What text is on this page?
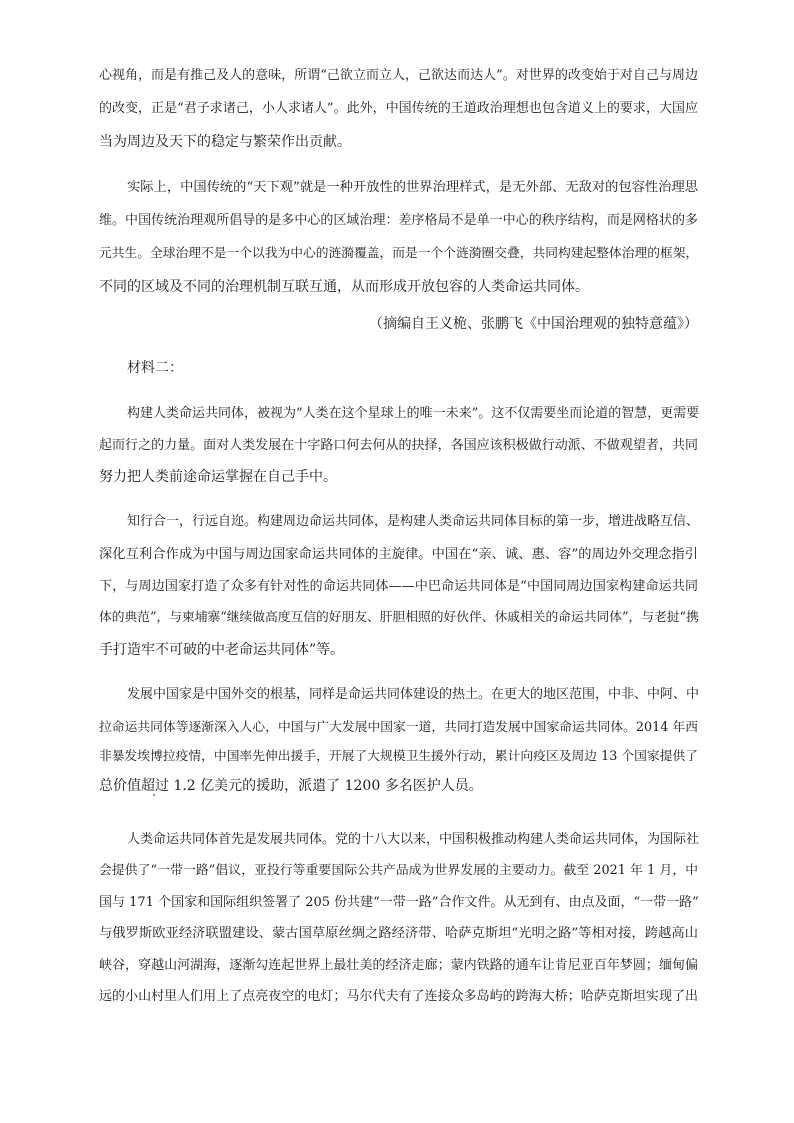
心视角，而是有推己及人的意味，所谓“己欲立而立人，己欲达而达人”。对世界的改变始于对自己与周边
的改变，正是“君子求诸己，小人求诸人”。此外，中国传统的王道政治理想也包含道义上的要求，大国应
当为周边及天下的稳定与繁荣作出贡献。
实际上，中国传统的“天下观”就是一种开放性的世界治理样式，是无外部、无敌对的包容性治理思
维。中国传统治理观所倡导的是多中心的区域治理：差序格局不是单一中心的秩序结构，而是网格状的多
元共生。全球治理不是一个以我为中心的涟漪覆盖，而是一个个涟漪圈交叠，共同构建起整体治理的框架，
不同的区域及不同的治理机制互联互通，从而形成开放包容的人类命运共同体。
（摘编自王义桅、张鹏飞《中国治理观的独特意蕴》）
材料二：
构建人类命运共同体，被视为“人类在这个星球上的唯一未来”。这不仅需要坐而论道的智慧，更需要
起而行之的力量。面对人类发展在十字路口何去何从的抉择，各国应该积极做行动派、不做观望者，共同
努力把人类前途命运掌握在自己手中。
知行合一，行远自迩。构建周边命运共同体，是构建人类命运共同体目标的第一步，增进战略互信、
深化互利合作成为中国与周边国家命运共同体的主旋律。中国在“亲、诚、惠、容”的周边外交理念指引
下，与周边国家打造了众多有针对性的命运共同体——中巴命运共同体是“中国同周边国家构建命运共同
体的典范”，与柬埔寨“继续做高度互信的好朋友、肝胆相照的好伙伴、休戚相关的命运共同体”，与老挝“携
手打造牢不可破的中老命运共同体”等。
发展中国家是中国外交的根基，同样是命运共同体建设的热土。在更大的地区范围，中非、中阿、中
拉命运共同体等逐渐深入人心，中国与广大发展中国家一道，共同打造发展中国家命运共同体。2014 年西
非暴发埃博拉疫情，中国率先伸出援手，开展了大规模卫生援外行动，累计向疫区及周边 13 个国家提供了
总价值超过 1.2 亿美元的援助，派遣了 1200 多名医护人员。
人类命运共同体首先是发展共同体。党的十八大以来，中国积极推动构建人类命运共同体，为国际社
会提供了“一带一路”倡议，亚投行等重要国际公共产品成为世界发展的主要动力。截至 2021 年 1 月，中
国与 171 个国家和国际组织签署了 205 份共建“一带一路”合作文件。从无到有、由点及面，“一带一路”
与俄罗斯欧亚经济联盟建设、蒙古国草原丝绸之路经济带、哈萨克斯坦“光明之路”等相对接，跨越高山
峡谷，穿越山河湖海，逐渐勾连起世界上最壮美的经济走廊；蒙内铁路的通车让肯尼亚百年梦圆；缅甸偏
远的小山村里人们用上了点亮夜空的电灯；马尔代夫有了连接众多岛屿的跨海大桥；哈萨克斯坦实现了出
